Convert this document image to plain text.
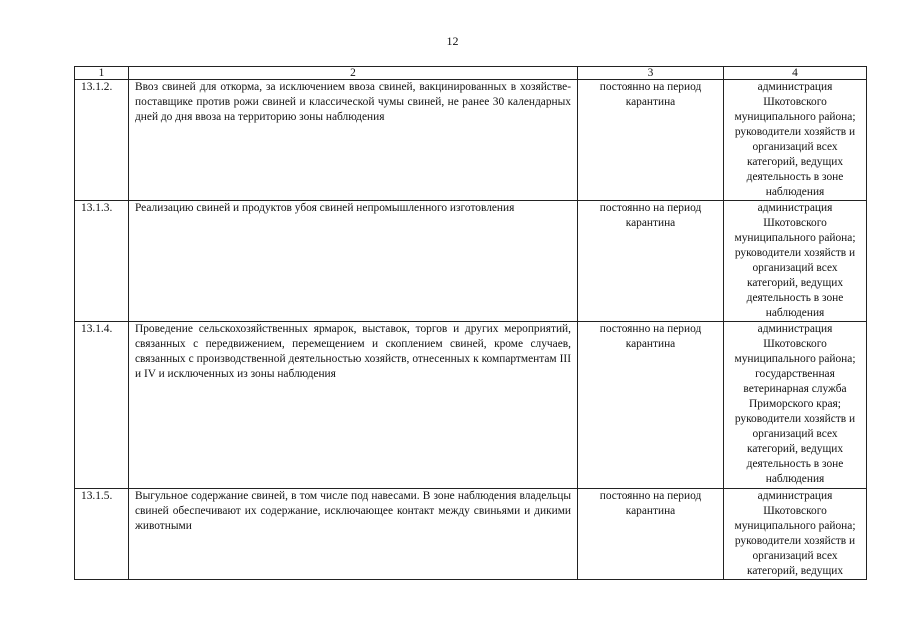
12
1	2	3	4
13.1.2.	Ввоз свиней для откорма, за исключением ввоза свиней, вакцинированных в хозяйстве-поставщике против рожи свиней и классической чумы свиней, не ранее 30 календарных дней до дня ввоза на территорию зоны наблюдения	постоянно на период карантина	администрация Шкотовского муниципального района; руководители хозяйств и организаций всех категорий, ведущих деятельность в зоне наблюдения
13.1.3.	Реализацию свиней и продуктов убоя свиней непромышленного изготовления	постоянно на период карантина	администрация Шкотовского муниципального района; руководители хозяйств и организаций всех категорий, ведущих деятельность в зоне наблюдения
13.1.4.	Проведение сельскохозяйственных ярмарок, выставок, торгов и других мероприятий, связанных с передвижением, перемещением и скоплением свиней, кроме случаев, связанных с производственной деятельностью хозяйств, отнесенных к компартментам III и IV и исключенных из зоны наблюдения	постоянно на период карантина	администрация Шкотовского муниципального района; государственная ветеринарная служба Приморского края; руководители хозяйств и организаций всех категорий, ведущих деятельность в зоне наблюдения
13.1.5.	Выгульное содержание свиней, в том числе под навесами. В зоне наблюдения владельцы свиней обеспечивают их содержание, исключающее контакт между свиньями и дикими животными	постоянно на период карантина	администрация Шкотовского муниципального района; руководители хозяйств и организаций всех категорий, ведущих
